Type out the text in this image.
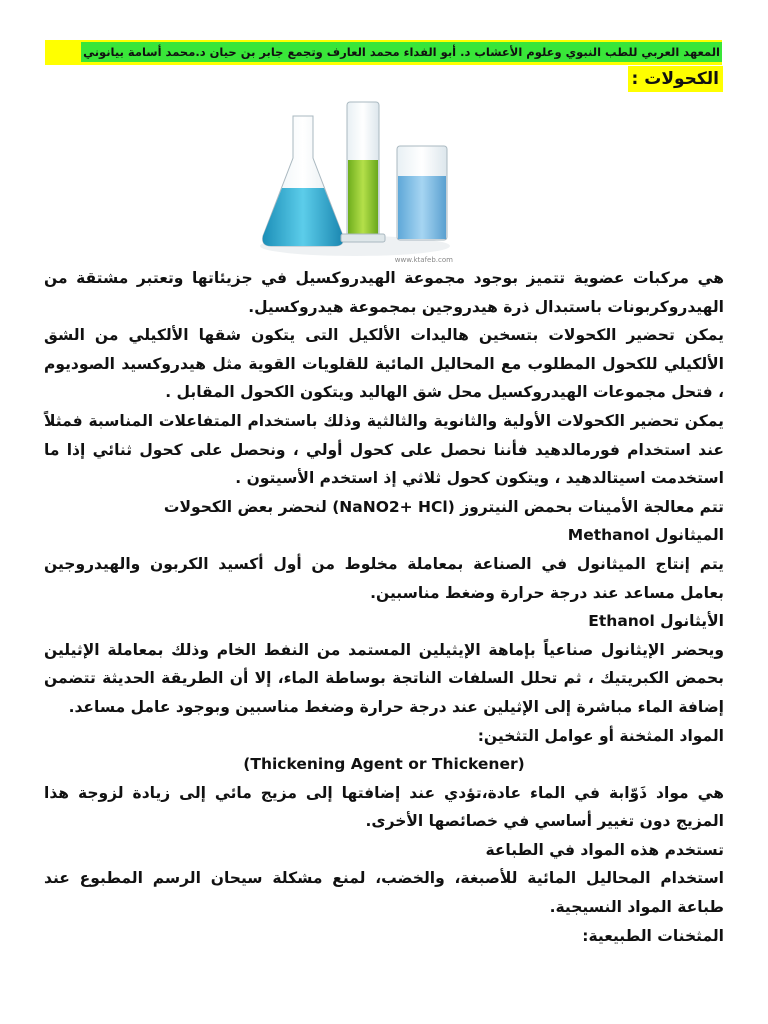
المعهد العربي للطب النبوي وعلوم الأعشاب د. أبو الفداء محمد العارف وتجمع جابر بن حيان د.محمد أسامة بيانوني
الكحولات :
www.ktafeb.com

هي مركبات عضوية تتميز بوجود مجموعة الهيدروكسيل في جزيئاتها وتعتبر مشتقة من الهيدروكربونات باستبدال ذرة هيدروجين بمجموعة هيدروكسيل.

يمكن تحضير الكحولات بتسخين هاليدات الألكيل التى يتكون شقها الألكيلي من الشق الألكيلي للكحول المطلوب مع المحاليل المائية للقلويات القوية مثل هيدروكسيد الصوديوم ، فتحل مجموعات الهيدروكسيل محل شق الهاليد ويتكون الكحول المقابل .

يمكن تحضير الكحولات الأولية والثانوية والثالثية وذلك باستخدام المتفاعلات المناسبة فمثلاً عند استخدام فورمالدهيد فأننا نحصل على كحول أولي ، ونحصل على كحول ثنائي إذا ما استخدمت اسيتالدهيد ، ويتكون كحول ثلاثي إذ استخدم الأسيتون .

تتم معالجة الأمينات بحمض النيتروز (NaNO2+ HCl) لنحضر بعض الكحولات

الميثانول Methanol

يتم إنتاج الميثانول في الصناعة بمعاملة مخلوط من أول أكسيد الكربون والهيدروجين بعامل مساعد عند درجة حرارة وضغط مناسبين.

الأيثانول Ethanol

ويحضر الإيثانول صناعياً بإماهة الإيثيلين المستمد من النفط الخام وذلك بمعاملة الإثيلين بحمض الكبريتيك ، ثم تحلل السلفات الناتجة بوساطة الماء، إلا أن الطريقة الحديثة تتضمن إضافة الماء مباشرة إلى الإثيلين عند درجة حرارة وضغط مناسبين وبوجود عامل مساعد.

المواد المثخنة أو عوامل التثخين:

(Thickening Agent or Thickener)

هي مواد ذَوّابة في الماء عادة،تؤدي عند إضافتها إلى مزيج مائي إلى زيادة لزوجة هذا المزيج دون تغيير أساسي في خصائصها الأخرى.

تستخدم هذه المواد في الطباعة

استخدام المحاليل المائية للأصبغة، والخضب، لمنع مشكلة سيحان الرسم المطبوع عند طباعة المواد النسيجية.

المثخنات الطبيعية:
